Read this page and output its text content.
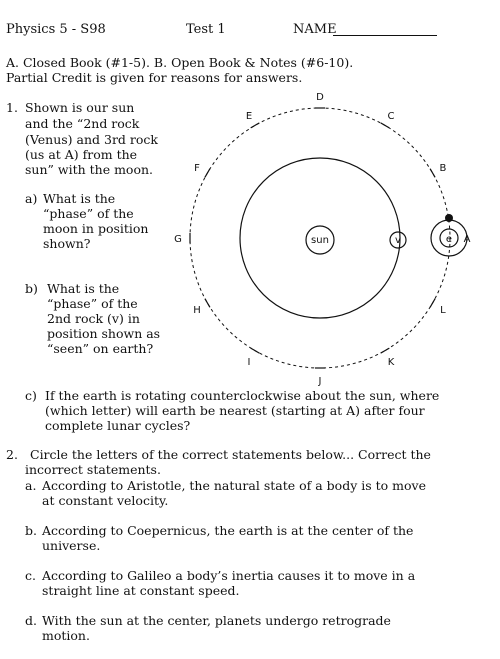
Physics 5 - S98	Test 1	NAME
A. Closed Book (#1-5). B. Open Book & Notes (#6-10).
Partial Credit is given for reasons for answers.
1. Shown is our sun
and the “2nd rock
(Venus) and 3rd rock
(us at A) from the
sun” with the moon.
a) What is the
“phase” of the
moon in position
shown?
b) What is the
“phase” of the
2nd rock (v) in
position shown as
“seen” on earth?
c) If the earth is rotating counterclockwise about the sun, where
(which letter) will earth be nearest (starting at A) after four
complete lunar cycles?
sun	v	e A
B
C
D
E
F
G
H
I
J
K
L
2. Circle the letters of the correct statements below... Correct the
incorrect statements.
a. According to Aristotle, the natural state of a body is to move
at constant velocity.
b. According to Coepernicus, the earth is at the center of the
universe.
c. According to Galileo a body’s inertia causes it to move in a
straight line at constant speed.
d. With the sun at the center, planets undergo retrograde
motion.
